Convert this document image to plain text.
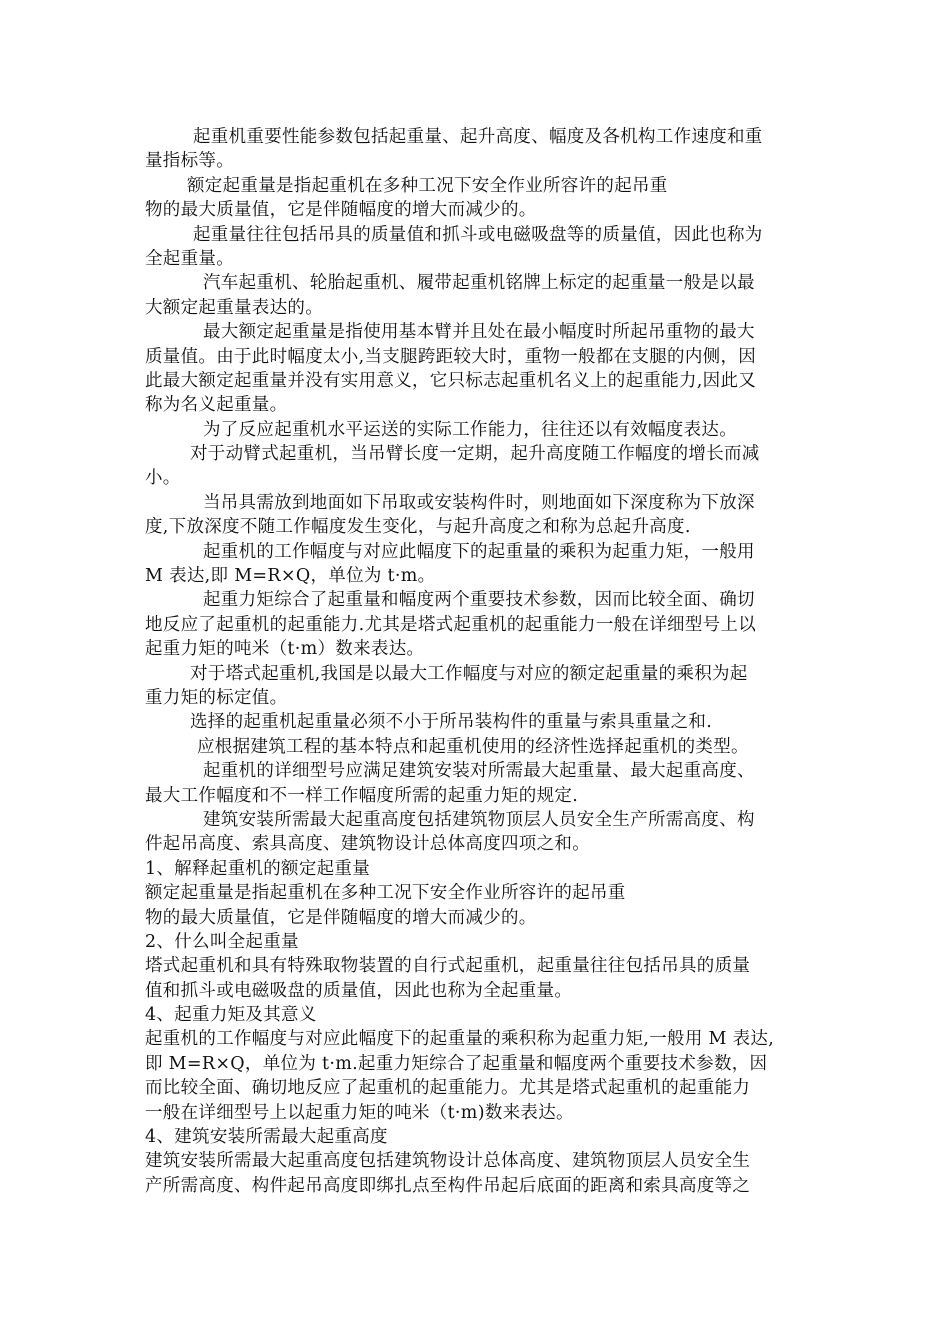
起重机重要性能参数包括起重量、起升高度、幅度及各机构工作速度和重
量指标等。
额定起重量是指起重机在多种工况下安全作业所容许的起吊重
物的最大质量值，它是伴随幅度的增大而减少的。
起重量往往包括吊具的质量值和抓斗或电磁吸盘等的质量值，因此也称为
全起重量。
汽车起重机、轮胎起重机、履带起重机铭牌上标定的起重量一般是以最
大额定起重量表达的。
最大额定起重量是指使用基本臂并且处在最小幅度时所起吊重物的最大
质量值。由于此时幅度太小,当支腿跨距较大时，重物一般都在支腿的内侧，因
此最大额定起重量并没有实用意义，它只标志起重机名义上的起重能力,因此又
称为名义起重量。
为了反应起重机水平运送的实际工作能力，往往还以有效幅度表达。
对于动臂式起重机，当吊臂长度一定期，起升高度随工作幅度的增长而减
小。
当吊具需放到地面如下吊取或安装构件时，则地面如下深度称为下放深
度,下放深度不随工作幅度发生变化，与起升高度之和称为总起升高度.
起重机的工作幅度与对应此幅度下的起重量的乘积为起重力矩，一般用
M 表达,即 M=R×Q，单位为 t·m。
起重力矩综合了起重量和幅度两个重要技术参数，因而比较全面、确切
地反应了起重机的起重能力.尤其是塔式起重机的起重能力一般在详细型号上以
起重力矩的吨米（t·m）数来表达。
对于塔式起重机,我国是以最大工作幅度与对应的额定起重量的乘积为起
重力矩的标定值。
选择的起重机起重量必须不小于所吊装构件的重量与索具重量之和.
应根据建筑工程的基本特点和起重机使用的经济性选择起重机的类型。
起重机的详细型号应满足建筑安装对所需最大起重量、最大起重高度、
最大工作幅度和不一样工作幅度所需的起重力矩的规定.
建筑安装所需最大起重高度包括建筑物顶层人员安全生产所需高度、构
件起吊高度、索具高度、建筑物设计总体高度四项之和。
1、解释起重机的额定起重量
额定起重量是指起重机在多种工况下安全作业所容许的起吊重
物的最大质量值，它是伴随幅度的增大而减少的。
2、什么叫全起重量
塔式起重机和具有特殊取物装置的自行式起重机，起重量往往包括吊具的质量
值和抓斗或电磁吸盘的质量值，因此也称为全起重量。
4、起重力矩及其意义
起重机的工作幅度与对应此幅度下的起重量的乘积称为起重力矩,一般用 M 表达,
即 M=R×Q，单位为 t·m.起重力矩综合了起重量和幅度两个重要技术参数，因
而比较全面、确切地反应了起重机的起重能力。尤其是塔式起重机的起重能力
一般在详细型号上以起重力矩的吨米（t·m)数来表达。
4、建筑安装所需最大起重高度
建筑安装所需最大起重高度包括建筑物设计总体高度、建筑物顶层人员安全生
产所需高度、构件起吊高度即绑扎点至构件吊起后底面的距离和索具高度等之
